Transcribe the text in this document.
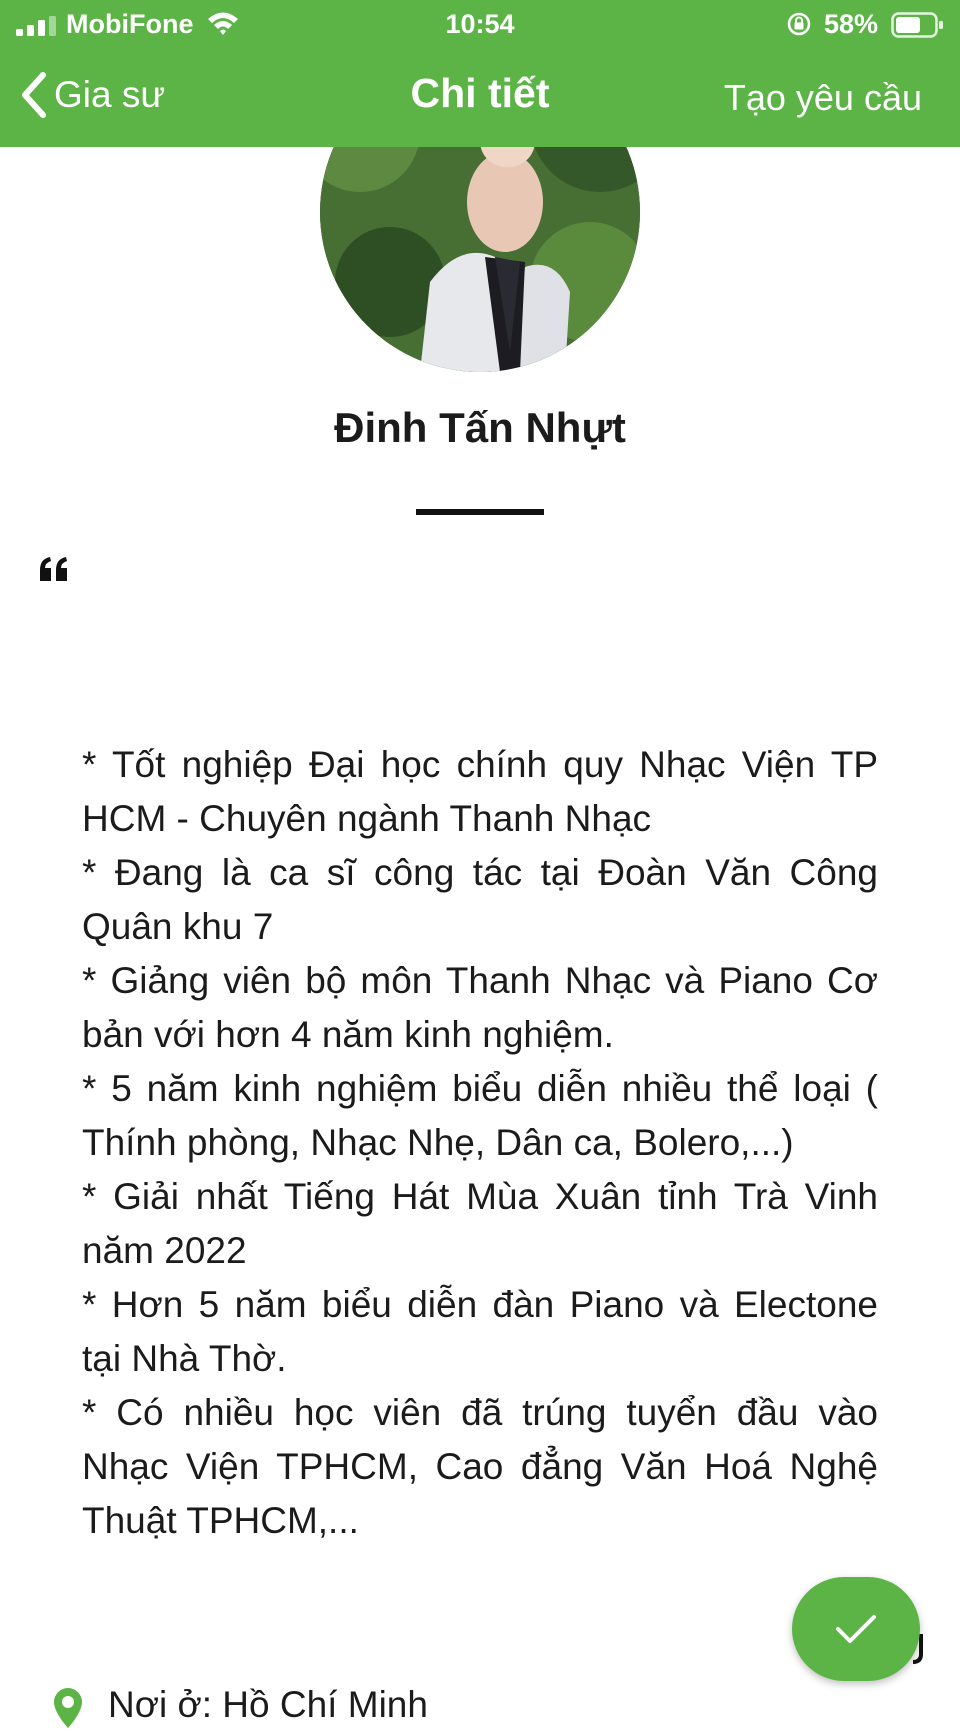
MobiFone	10:54	58%
Gia sư	Chi tiết	Tạo yêu cầu
Đinh Tấn Nhựt

* Tốt nghiệp Đại học chính quy Nhạc Viện TP HCM - Chuyên ngành Thanh Nhạc

* Đang là ca sĩ công tác tại Đoàn Văn Công Quân khu 7

* Giảng viên bộ môn Thanh Nhạc và Piano Cơ bản với hơn 4 năm kinh nghiệm.

* 5 năm kinh nghiệm biểu diễn nhiều thể loại ( Thính phòng, Nhạc Nhẹ, Dân ca, Bolero,...)

* Giải nhất Tiếng Hát Mùa Xuân tỉnh Trà Vinh năm 2022

* Hơn 5 năm biểu diễn đàn Piano và Electone tại Nhà Thờ.

* Có nhiều học viên đã trúng tuyển đầu vào Nhạc Viện TPHCM, Cao đẳng Văn Hoá Nghệ Thuật TPHCM,...

Nơi ở: Hồ Chí Minh
